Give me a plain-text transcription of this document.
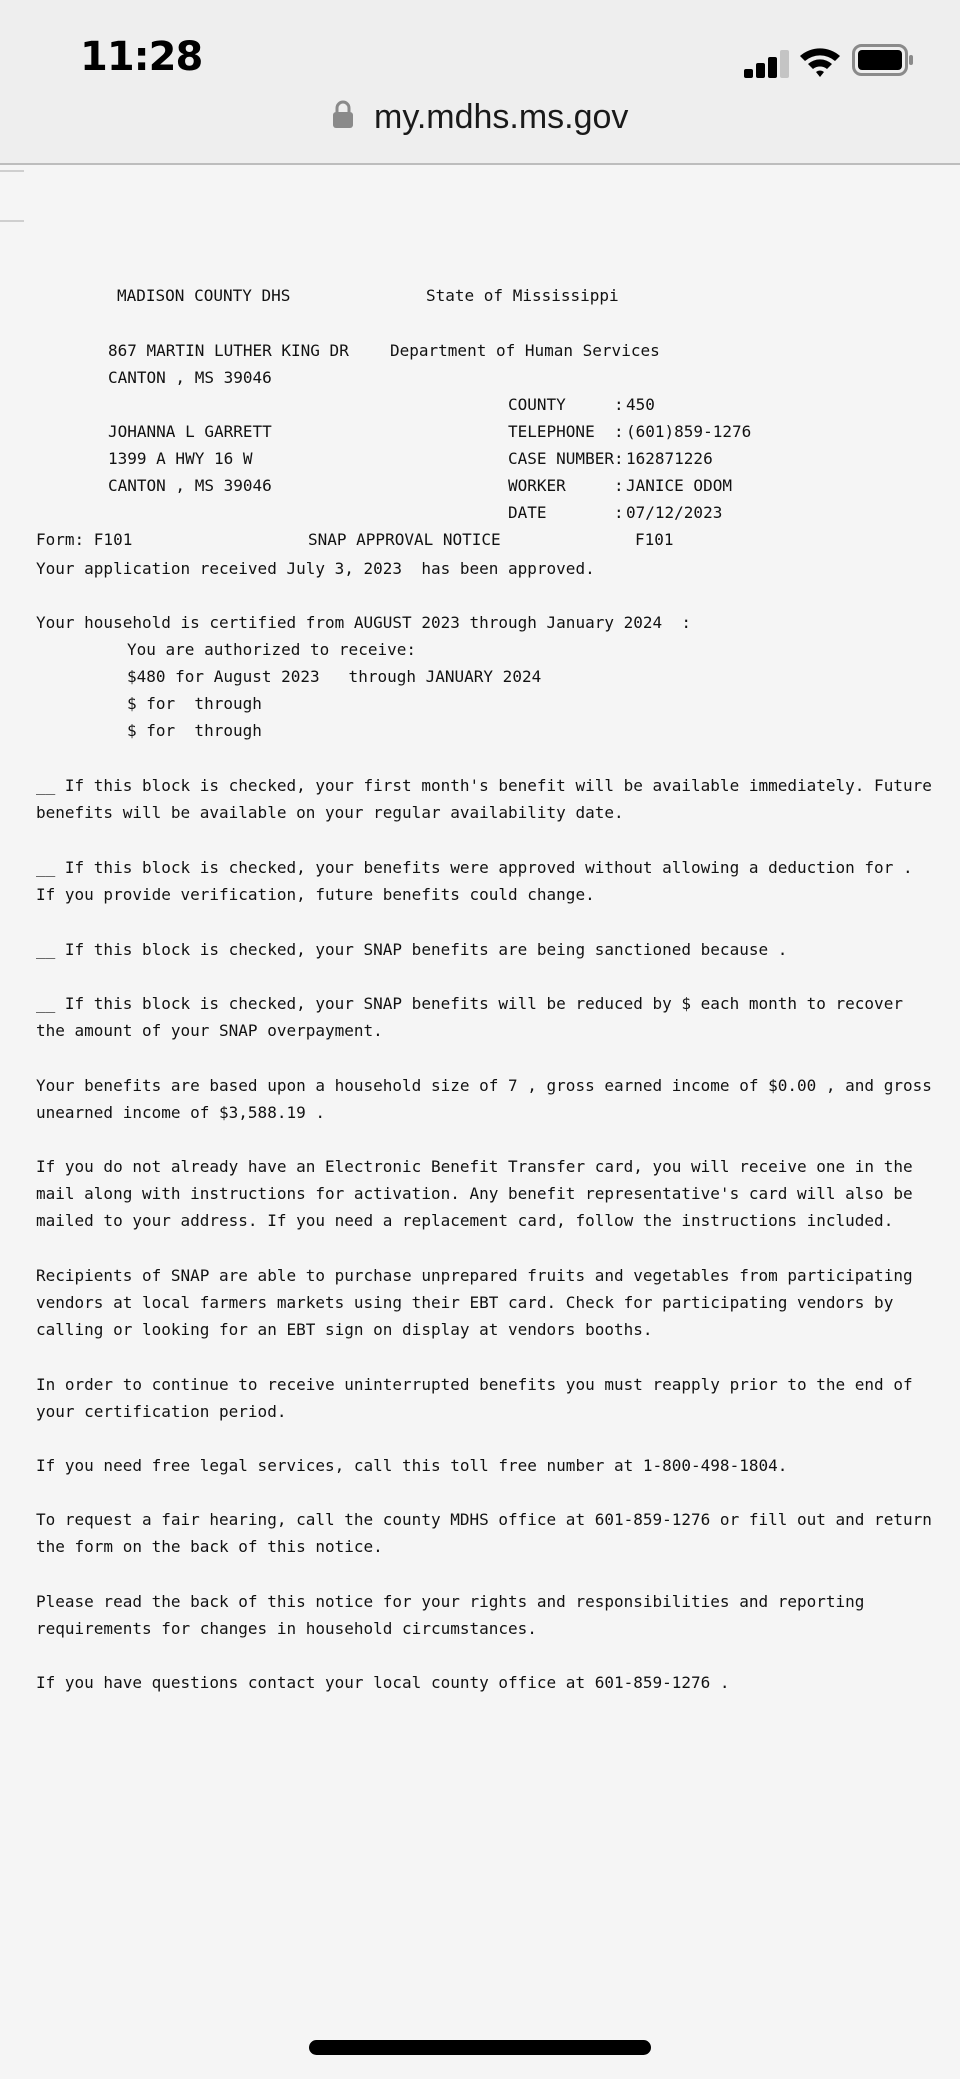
11:28
my.mdhs.ms.gov
MADISON COUNTY DHS	State of Mississippi
867 MARTIN LUTHER KING DR	Department of Human Services
CANTON , MS 39046
COUNTY     : 450
JOHANNA L GARRETT	TELEPHONE  : (601)859-1276
1399 A HWY 16 W	CASE NUMBER: 162871226
CANTON , MS 39046	WORKER     : JANICE ODOM
DATE       : 07/12/2023
Form: F101	SNAP APPROVAL NOTICE	F101
Your application received July 3, 2023  has been approved.
Your household is certified from AUGUST 2023 through January 2024  :
You are authorized to receive:
$480 for August 2023   through JANUARY 2024
$ for  through
$ for  through
__ If this block is checked, your first month's benefit will be available immediately. Future benefits will be available on your regular availability date.
__ If this block is checked, your benefits were approved without allowing a deduction for . If you provide verification, future benefits could change.
__ If this block is checked, your SNAP benefits are being sanctioned because .
__ If this block is checked, your SNAP benefits will be reduced by $ each month to recover the amount of your SNAP overpayment.
Your benefits are based upon a household size of 7 , gross earned income of $0.00 , and gross unearned income of $3,588.19 .
If you do not already have an Electronic Benefit Transfer card, you will receive one in the mail along with instructions for activation. Any benefit representative's card will also be mailed to your address. If you need a replacement card, follow the instructions included.
Recipients of SNAP are able to purchase unprepared fruits and vegetables from participating vendors at local farmers markets using their EBT card. Check for participating vendors by calling or looking for an EBT sign on display at vendors booths.
In order to continue to receive uninterrupted benefits you must reapply prior to the end of your certification period.
If you need free legal services, call this toll free number at 1-800-498-1804.
To request a fair hearing, call the county MDHS office at 601-859-1276 or fill out and return the form on the back of this notice.
Please read the back of this notice for your rights and responsibilities and reporting requirements for changes in household circumstances.
If you have questions contact your local county office at 601-859-1276 .
